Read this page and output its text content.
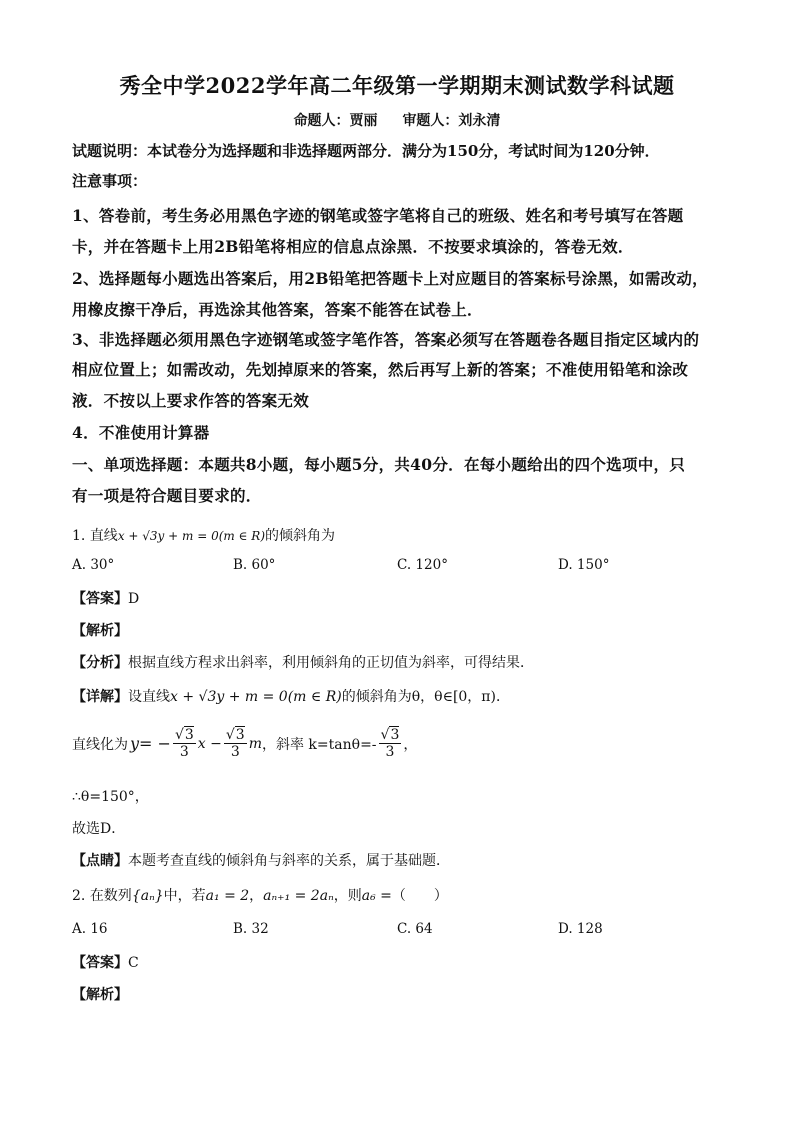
秀全中学2022学年高二年级第一学期期末测试数学科试题
命题人：贾丽 审题人：刘永清
试题说明：本试卷分为选择题和非选择题两部分．满分为150分，考试时间为120分钟．
注意事项：
1、答卷前，考生务必用黑色字迹的钢笔或签字笔将自己的班级、姓名和考号填写在答题
卡，并在答题卡上用2B铅笔将相应的信息点涂黑．不按要求填涂的，答卷无效．
2、选择题每小题选出答案后，用2B铅笔把答题卡上对应题目的答案标号涂黑，如需改动，
用橡皮擦干净后，再选涂其他答案，答案不能答在试卷上．
3、非选择题必须用黑色字迹钢笔或签字笔作答，答案必须写在答题卷各题目指定区域内的
相应位置上；如需改动，先划掉原来的答案，然后再写上新的答案；不准使用铅笔和涂改
液．不按以上要求作答的答案无效
4．不准使用计算器
一、单项选择题：本题共8小题，每小题5分，共40分．在每小题给出的四个选项中，只
有一项是符合题目要求的．
1. 直线x + √3y + m = 0(m ∈ R)的倾斜角为
A. 30°	B. 60°	C. 120°	D. 150°
【答案】D
【解析】
【分析】根据直线方程求出斜率，利用倾斜角的正切值为斜率，可得结果．
【详解】设直线x + √3y + m = 0(m ∈ R)的倾斜角为θ，θ∈[0，π)．
直线化为 $y= - \frac{√3}{3}$ $x - \frac{√3}{3}$ m ，斜率 $k=\tan\theta=- \frac{√3}{3}$ ，
∴θ=150°，
故选D．
【点睛】本题考查直线的倾斜角与斜率的关系，属于基础题．
2. 在数列{aₙ}中，若a₁ = 2，aₙ₊₁ = 2aₙ，则a₆ =（　　）
A. 16	B. 32	C. 64	D. 128
【答案】C
【解析】
